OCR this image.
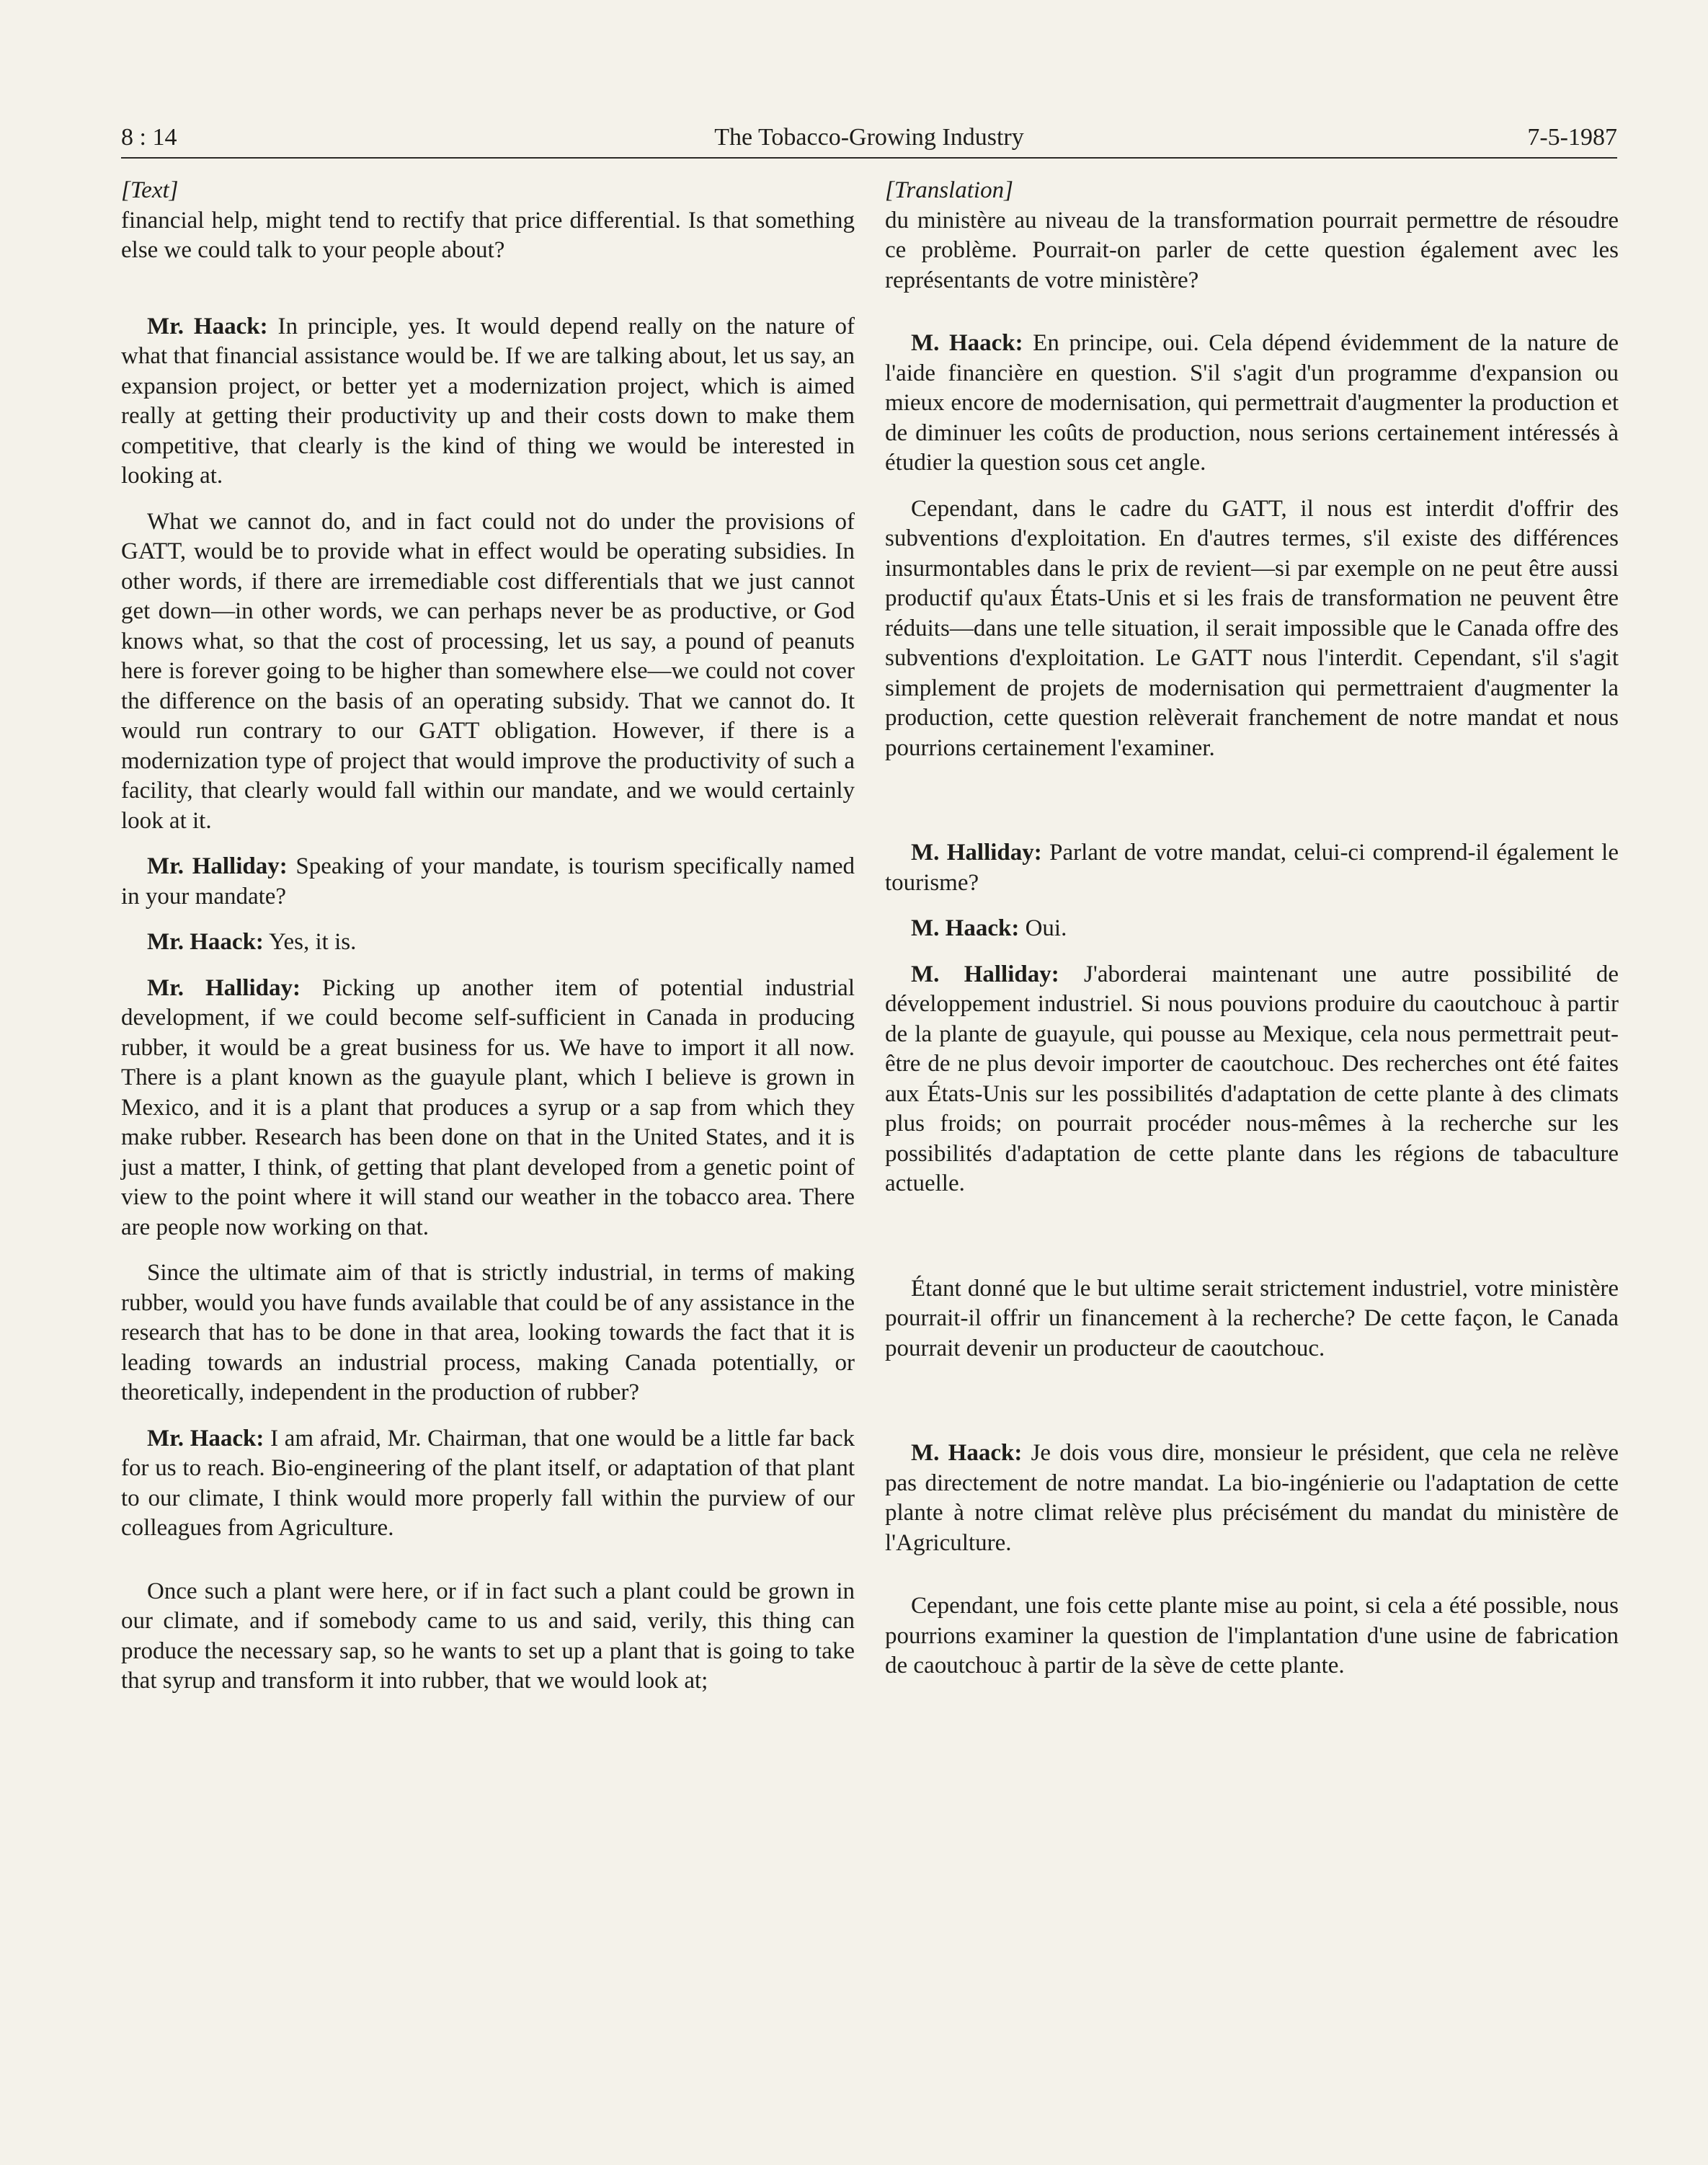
8 : 14	The Tobacco-Growing Industry	7-5-1987

[Text]

financial help, might tend to rectify that price differential. Is that something else we could talk to your people about?

Mr. Haack: In principle, yes. It would depend really on the nature of what that financial assistance would be. If we are talking about, let us say, an expansion project, or better yet a modernization project, which is aimed really at getting their productivity up and their costs down to make them competitive, that clearly is the kind of thing we would be interested in looking at.

What we cannot do, and in fact could not do under the provisions of GATT, would be to provide what in effect would be operating subsidies. In other words, if there are irremediable cost differentials that we just cannot get down—in other words, we can perhaps never be as productive, or God knows what, so that the cost of processing, let us say, a pound of peanuts here is forever going to be higher than somewhere else—we could not cover the difference on the basis of an operating subsidy. That we cannot do. It would run contrary to our GATT obligation. However, if there is a modernization type of project that would improve the productivity of such a facility, that clearly would fall within our mandate, and we would certainly look at it.

Mr. Halliday: Speaking of your mandate, is tourism specifically named in your mandate?

Mr. Haack: Yes, it is.

Mr. Halliday: Picking up another item of potential industrial development, if we could become self-sufficient in Canada in producing rubber, it would be a great business for us. We have to import it all now. There is a plant known as the guayule plant, which I believe is grown in Mexico, and it is a plant that produces a syrup or a sap from which they make rubber. Research has been done on that in the United States, and it is just a matter, I think, of getting that plant developed from a genetic point of view to the point where it will stand our weather in the tobacco area. There are people now working on that.

Since the ultimate aim of that is strictly industrial, in terms of making rubber, would you have funds available that could be of any assistance in the research that has to be done in that area, looking towards the fact that it is leading towards an industrial process, making Canada potentially, or theoretically, independent in the production of rubber?

Mr. Haack: I am afraid, Mr. Chairman, that one would be a little far back for us to reach. Bio-engineering of the plant itself, or adaptation of that plant to our climate, I think would more properly fall within the purview of our colleagues from Agriculture.

Once such a plant were here, or if in fact such a plant could be grown in our climate, and if somebody came to us and said, verily, this thing can produce the necessary sap, so he wants to set up a plant that is going to take that syrup and transform it into rubber, that we would look at;

[Translation]

du ministère au niveau de la transformation pourrait permettre de résoudre ce problème. Pourrait-on parler de cette question également avec les représentants de votre ministère?

M. Haack: En principe, oui. Cela dépend évidemment de la nature de l'aide financière en question. S'il s'agit d'un programme d'expansion ou mieux encore de modernisation, qui permettrait d'augmenter la production et de diminuer les coûts de production, nous serions certainement intéressés à étudier la question sous cet angle.

Cependant, dans le cadre du GATT, il nous est interdit d'offrir des subventions d'exploitation. En d'autres termes, s'il existe des différences insurmontables dans le prix de revient—si par exemple on ne peut être aussi productif qu'aux États-Unis et si les frais de transformation ne peuvent être réduits—dans une telle situation, il serait impossible que le Canada offre des subventions d'exploitation. Le GATT nous l'interdit. Cependant, s'il s'agit simplement de projets de modernisation qui permettraient d'augmenter la production, cette question relèverait franchement de notre mandat et nous pourrions certainement l'examiner.

M. Halliday: Parlant de votre mandat, celui-ci comprend-il également le tourisme?

M. Haack: Oui.

M. Halliday: J'aborderai maintenant une autre possibilité de développement industriel. Si nous pouvions produire du caoutchouc à partir de la plante de guayule, qui pousse au Mexique, cela nous permettrait peut-être de ne plus devoir importer de caoutchouc. Des recherches ont été faites aux États-Unis sur les possibilités d'adaptation de cette plante à des climats plus froids; on pourrait procéder nous-mêmes à la recherche sur les possibilités d'adaptation de cette plante dans les régions de tabaculture actuelle.

Étant donné que le but ultime serait strictement industriel, votre ministère pourrait-il offrir un financement à la recherche? De cette façon, le Canada pourrait devenir un producteur de caoutchouc.

M. Haack: Je dois vous dire, monsieur le président, que cela ne relève pas directement de notre mandat. La bio-ingénierie ou l'adaptation de cette plante à notre climat relève plus précisément du mandat du ministère de l'Agriculture.

Cependant, une fois cette plante mise au point, si cela a été possible, nous pourrions examiner la question de l'implantation d'une usine de fabrication de caoutchouc à partir de la sève de cette plante.
